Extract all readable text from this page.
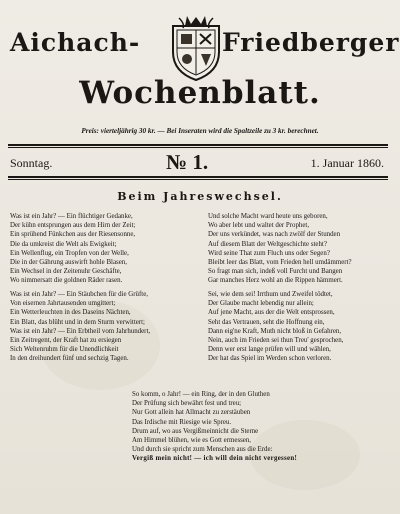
Aichach-	Friedberger
Wochenblatt.
Preis: vierteljährig 30 kr. — Bei Inseraten wird die Spaltzeile zu 3 kr. berechnet.
Sonntag.	№ 1.	1. Januar 1860.
Beim Jahreswechsel.
Was ist ein Jahr? — Ein flüchtiger Gedanke,
Der kühn entsprungen aus dem Hirn der Zeit;
Ein sprühend Fünkchen aus der Riesensonne,
Die da umkreist die Welt als Ewigkeit;
Ein Wellenflug, ein Tropfen von der Welle,
Die in der Gährung auswirft hohle Blasen,
Ein Wechsel in der Zeitenuhr Geschäfte,
Wo nimmersatt die goldnen Räder rasen.
Und solche Macht ward heute uns geboren,
Wo aber lebt und waltet der Prophet,
Der uns verkündet, was nach zwölf der Stunden
Auf diesem Blatt der Weltgeschichte steht?
Wird seine That zum Fluch uns oder Segen?
Bleibt leer das Blatt, vom Frieden hell umdämmert?
So fragt man sich, indeß voll Furcht und Bangen
Gar manches Herz wohl an die Rippen hämmert.
Was ist ein Jahr? — Ein Stäubchen für die Grüfte,
Von eisernen Jahrtausenden umgittert;
Ein Wetterleuchten in des Daseins Nächten,
Ein Blatt, das blüht und in dem Sturm verwittert;
Was ist ein Jahr? — Ein Erbtheil vom Jahrhundert,
Ein Zeitregent, der Kraft hat zu ersiegen
Sich Weltenruhm für die Unendlichkeit
In den dreihundert fünf und sechzig Tagen.
Sei, wie dem sei! Irrthum und Zweifel tödtet,
Der Glaube macht lebendig nur allein;
Auf jene Macht, aus der die Welt entsprossen,
Seht das Vertrauen, seht die Hoffnung ein,
Dann eig'ne Kraft, Muth nicht bloß in Gefahren,
Nein, auch im Frieden sei thun Treu' gesprochen,
Denn wer erst lange prüfen will und wählen,
Der hat das Spiel im Werden schon verloren.
So komm, o Jahr! — ein Ring, der in den Gluthen
Der Prüfung sich bewährt fest und treu;
Nur Gott allein hat Allmacht zu zerstäuben
Das Irdische mit Riesige wie Spreu.
Drum auf, wo aus Vergißmeinnicht die Sterne
Am Himmel blühen, wie es Gott ermessen,
Und durch sie spricht zum Menschen aus die Erde:
Vergiß mein nicht! — ich will dein nicht vergessen!
